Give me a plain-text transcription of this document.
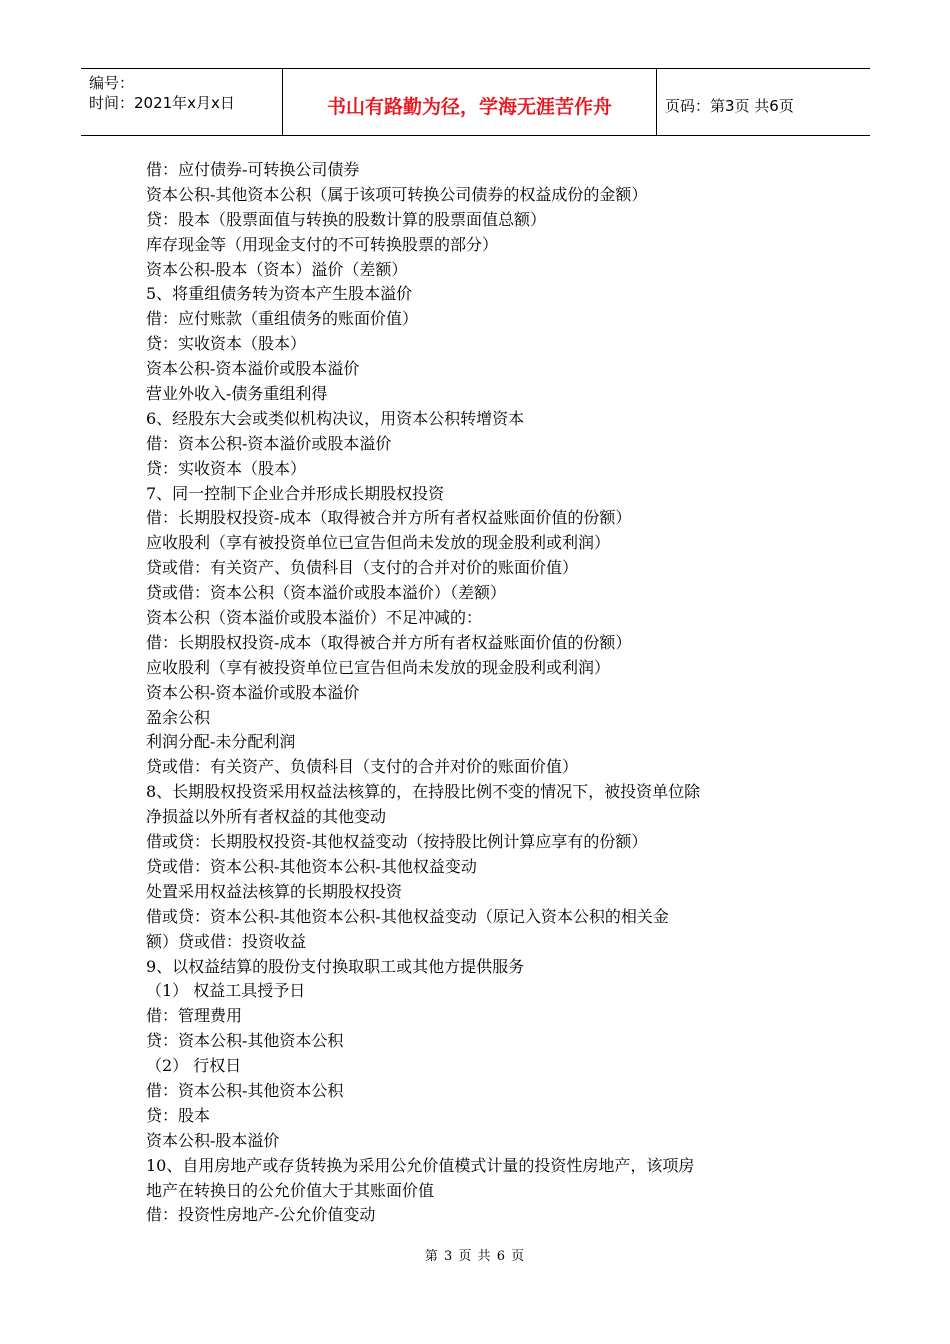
编号：
时间：2021年x月x日	书山有路勤为径，学海无涯苦作舟	页码：第3页 共6页
借：应付债券-可转换公司债券
资本公积-其他资本公积（属于该项可转换公司债券的权益成份的金额）
贷：股本（股票面值与转换的股数计算的股票面值总额）
库存现金等（用现金支付的不可转换股票的部分）
资本公积-股本（资本）溢价（差额）
5、将重组债务转为资本产生股本溢价
借：应付账款（重组债务的账面价值）
贷：实收资本（股本）
资本公积-资本溢价或股本溢价
营业外收入-债务重组利得
6、经股东大会或类似机构决议，用资本公积转增资本
借：资本公积-资本溢价或股本溢价
贷：实收资本（股本）
7、同一控制下企业合并形成长期股权投资
借：长期股权投资-成本（取得被合并方所有者权益账面价值的份额）
应收股利（享有被投资单位已宣告但尚未发放的现金股利或利润）
贷或借：有关资产、负债科目（支付的合并对价的账面价值）
贷或借：资本公积（资本溢价或股本溢价）（差额）
资本公积（资本溢价或股本溢价）不足冲减的：
借：长期股权投资-成本（取得被合并方所有者权益账面价值的份额）
应收股利（享有被投资单位已宣告但尚未发放的现金股利或利润）
资本公积-资本溢价或股本溢价
盈余公积
利润分配-未分配利润
贷或借：有关资产、负债科目（支付的合并对价的账面价值）
8、长期股权投资采用权益法核算的，在持股比例不变的情况下，被投资单位除
净损益以外所有者权益的其他变动
借或贷：长期股权投资-其他权益变动（按持股比例计算应享有的份额）
贷或借：资本公积-其他资本公积-其他权益变动
处置采用权益法核算的长期股权投资
借或贷：资本公积-其他资本公积-其他权益变动（原记入资本公积的相关金
额）贷或借：投资收益
9、以权益结算的股份支付换取职工或其他方提供服务
（1） 权益工具授予日
借：管理费用
贷：资本公积-其他资本公积
（2） 行权日
借：资本公积-其他资本公积
贷：股本
资本公积-股本溢价
10、自用房地产或存货转换为采用公允价值模式计量的投资性房地产，该项房
地产在转换日的公允价值大于其账面价值
借：投资性房地产-公允价值变动
第 3 页 共 6 页
